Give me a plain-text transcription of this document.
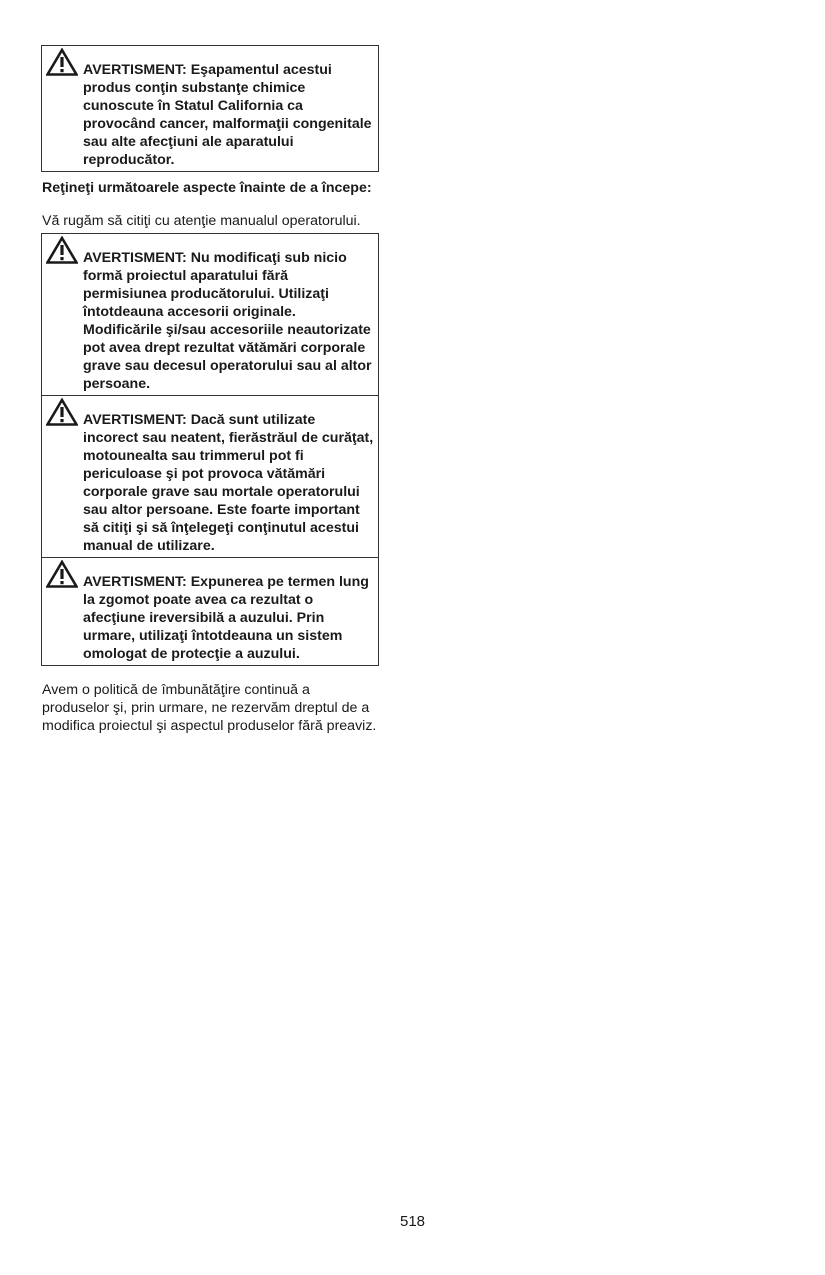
AVERTISMENT: Eşapamentul acestui produs conţin substanţe chimice cunoscute în Statul California ca provocând cancer, malformaţii congenitale sau alte afecţiuni ale aparatului reproducător.
Reţineţi următoarele aspecte înainte de a începe:
Vă rugăm să citiţi cu atenţie manualul operatorului.
AVERTISMENT: Nu modificaţi sub nicio formă proiectul aparatului fără permisiunea producătorului. Utilizaţi întotdeauna accesorii originale. Modificările şi/sau accesoriile neautorizate pot avea drept rezultat vătămări corporale grave sau decesul operatorului sau al altor persoane.
AVERTISMENT: Dacă sunt utilizate incorect sau neatent, fierăstrăul de curăţat, motounealta sau trimmerul pot fi periculoase şi pot provoca vătămări corporale grave sau mortale operatorului sau altor persoane. Este foarte important să citiţi şi să înţelegeţi conţinutul acestui manual de utilizare.
AVERTISMENT: Expunerea pe termen lung la zgomot poate avea ca rezultat o afecţiune ireversibilă a auzului. Prin urmare, utilizaţi întotdeauna un sistem omologat de protecţie a auzului.
Avem o politică de îmbunătăţire continuă a produselor şi, prin urmare, ne rezervăm dreptul de a modifica proiectul şi aspectul produselor fără preaviz.
518
